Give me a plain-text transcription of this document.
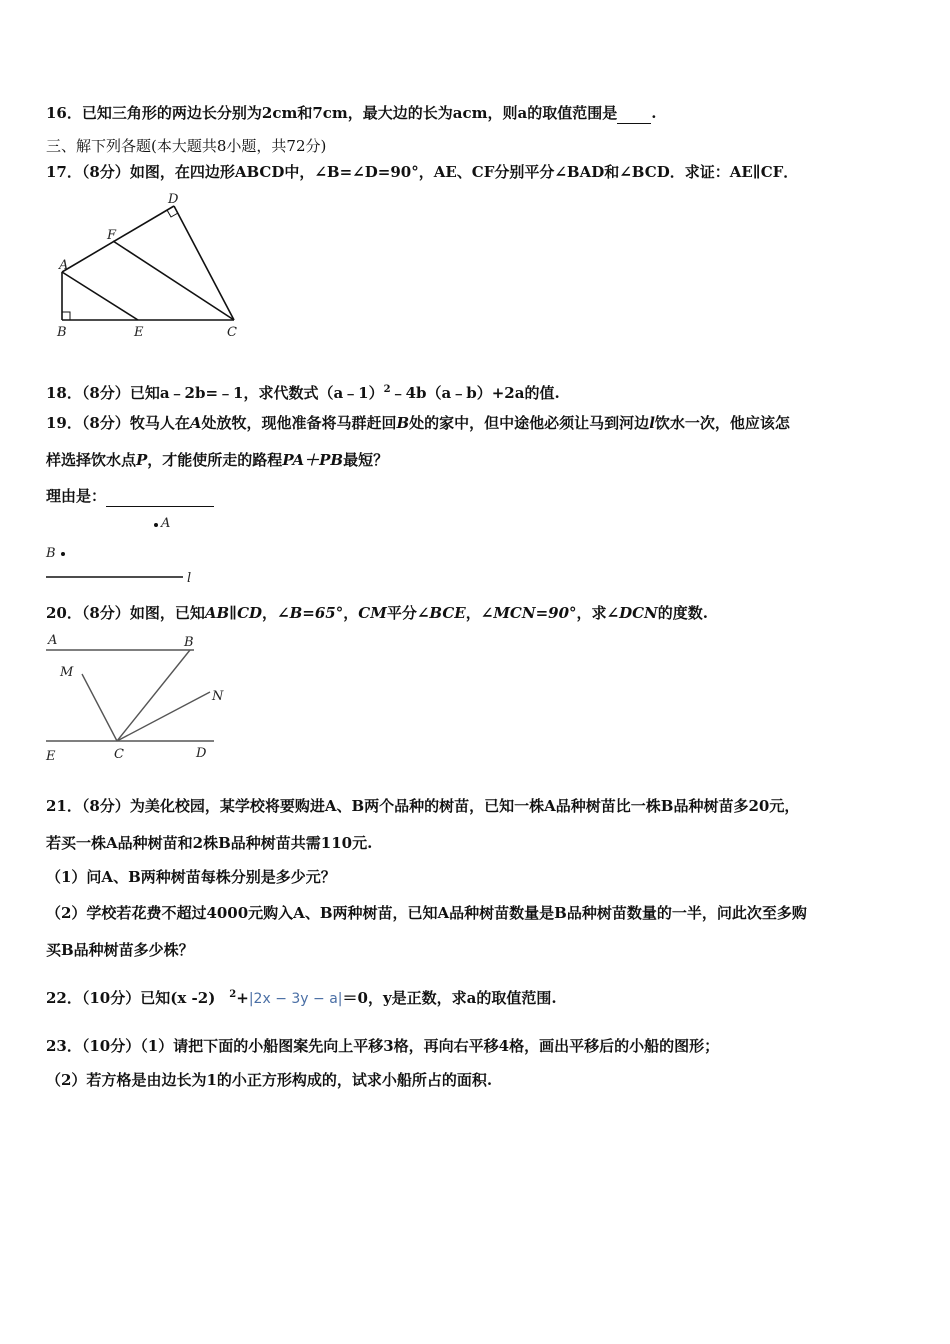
16．已知三角形的两边长分别为2cm和7cm，最大边的长为acm，则a的取值范围是 .
三、解下列各题(本大题共8小题，共72分)
17．（8分）如图，在四边形ABCD中，∠B=∠D=90°，AE、CF分别平分∠BAD和∠BCD．求证：AE∥CF．
D
F
A
B	E	C
18．（8分）已知a﹣2b=﹣1，求代数式（a﹣1）$^2$﹣4b（a﹣b）+2a的值.
19．（8分）牧马人在A处放牧，现他准备将马群赶回B处的家中，但中途他必须让马到河边l饮水一次，他应该怎
样选择饮水点P，才能使所走的路程PA＋PB最短？
理由是：
A
B
l
20．（8分）如图，已知AB∥CD，∠B=65°，CM平分∠BCE，∠MCN=90°，求∠DCN的度数.
A	B
M
N
E	C	D
21．（8分）为美化校园，某学校将要购进A、B两个品种的树苗，已知一株A品种树苗比一株B品种树苗多20元，
若买一株A品种树苗和2株B品种树苗共需110元.
（1）问A、B两种树苗每株分别是多少元？
（2）学校若花费不超过4000元购入A、B两种树苗，已知A品种树苗数量是B品种树苗数量的一半，问此次至多购
买B品种树苗多少株？
22．（10分）已知(x -2) $^2$+|2x − 3y − a|＝0，y是正数，求a的取值范围.
23．（10分）（1）请把下面的小船图案先向上平移3格，再向右平移4格，画出平移后的小船的图形；
（2）若方格是由边长为1的小正方形构成的，试求小船所占的面积.
